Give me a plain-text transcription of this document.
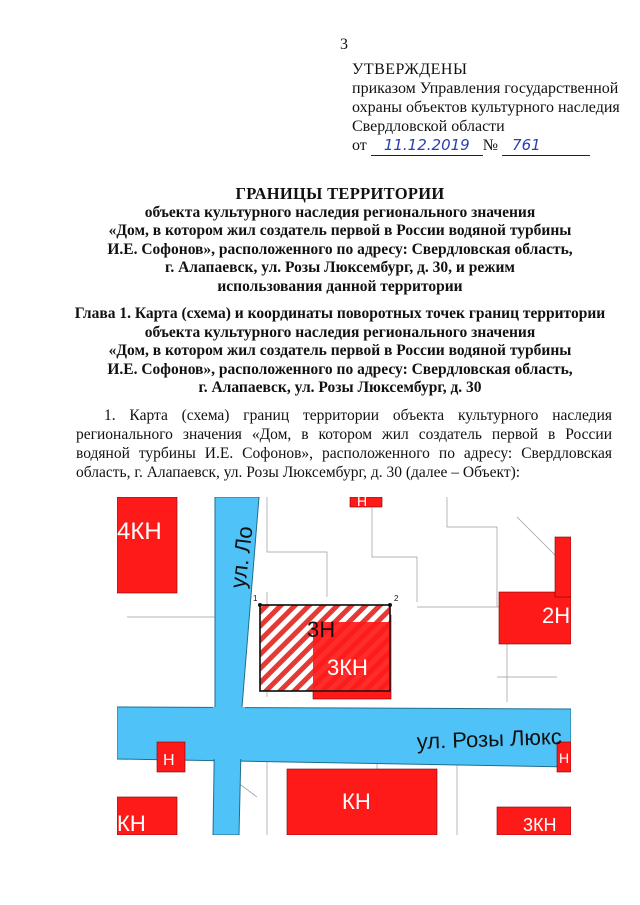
3
УТВЕРЖДЕНЫ
приказом Управления государственной
охраны объектов культурного наследия
Свердловской области
от 11.12.2019 № 761
ГРАНИЦЫ ТЕРРИТОРИИ
объекта культурного наследия регионального значения
«Дом, в котором жил создатель первой в России водяной турбины
И.Е. Софонов», расположенного по адресу: Свердловская область,
г. Алапаевск, ул. Розы Люксембург, д. 30, и режим
использования данной территории
Глава 1. Карта (схема) и координаты поворотных точек границ территории
объекта культурного наследия регионального значения
«Дом, в котором жил создатель первой в России водяной турбины
И.Е. Софонов», расположенного по адресу: Свердловская область,
г. Алапаевск, ул. Розы Люксембург, д. 30
1. Карта (схема) границ территории объекта культурного наследия регионального значения «Дом, в котором жил создатель первой в России водяной турбины И.Е. Софонов», расположенного по адресу: Свердловская область, г. Алапаевск, ул. Розы Люксембург, д. 30 (далее – Объект):
1	2
4КН
Н
2Н
3Н
3КН
Н
КН
КН	3КН
Н
ул. Ло
ул. Розы Люкс
